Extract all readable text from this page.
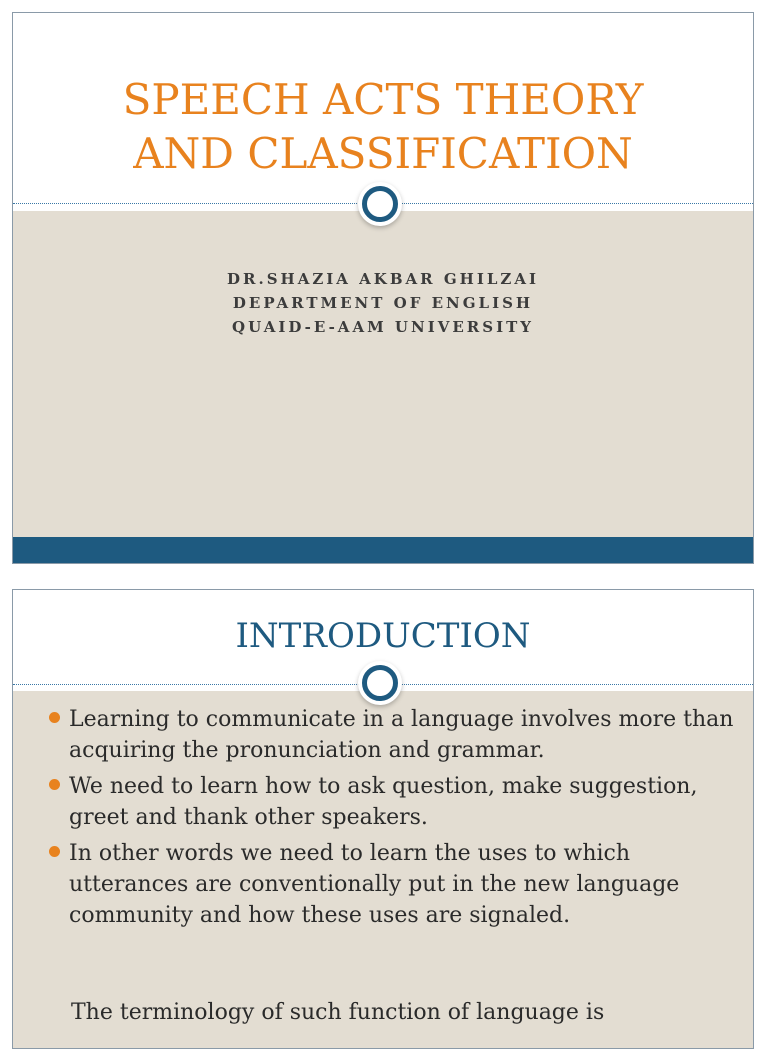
SPEECH ACTS THEORY
AND CLASSIFICATION
DR.SHAZIA AKBAR GHILZAI
DEPARTMENT OF ENGLISH
QUAID-E-AAM UNIVERSITY
INTRODUCTION
Learning to communicate in a language involves more than acquiring the pronunciation and grammar.
We need to learn how to ask question, make suggestion, greet and thank other speakers.
In other words we need to learn the uses to which utterances are conventionally put in the new language community and how these uses are signaled.
The terminology of such function of language is
